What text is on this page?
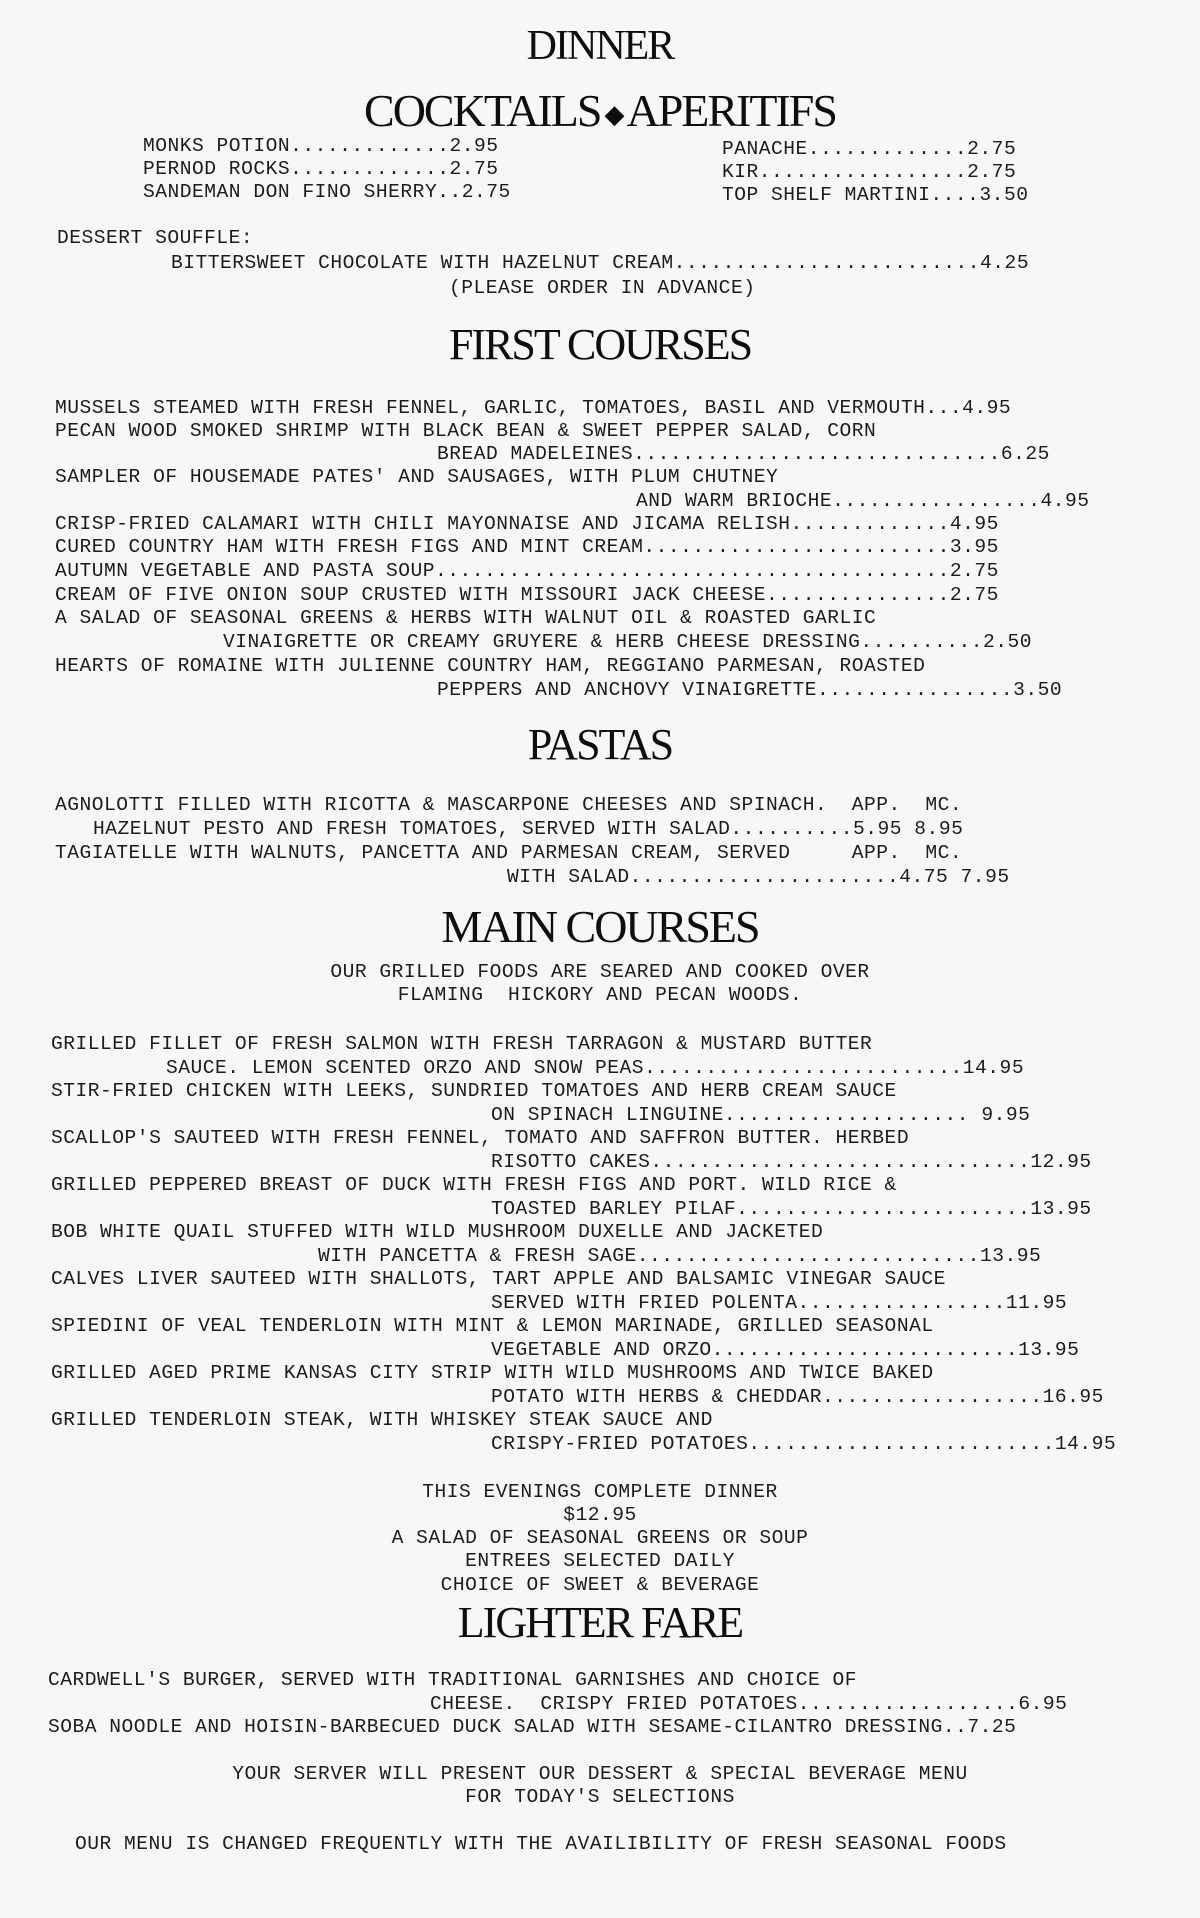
DINNER
COCKTAILS ◆APERITIFS
MONKS POTION.............2.95
PERNOD ROCKS.............2.75
SANDEMAN DON FINO SHERRY..2.75
PANACHE.............2.75
KIR.................2.75
TOP SHELF MARTINI....3.50
DESSERT SOUFFLE:
BITTERSWEET CHOCOLATE WITH HAZELNUT CREAM.........................4.25
(PLEASE ORDER IN ADVANCE)
FIRST COURSES
MUSSELS STEAMED WITH FRESH FENNEL, GARLIC, TOMATOES, BASIL AND VERMOUTH...4.95
PECAN WOOD SMOKED SHRIMP WITH BLACK BEAN & SWEET PEPPER SALAD, CORN
BREAD MADELEINES..............................6.25
SAMPLER OF HOUSEMADE PATES' AND SAUSAGES, WITH PLUM CHUTNEY
AND WARM BRIOCHE.................4.95
CRISP-FRIED CALAMARI WITH CHILI MAYONNAISE AND JICAMA RELISH.............4.95
CURED COUNTRY HAM WITH FRESH FIGS AND MINT CREAM.........................3.95
AUTUMN VEGETABLE AND PASTA SOUP..........................................2.75
CREAM OF FIVE ONION SOUP CRUSTED WITH MISSOURI JACK CHEESE...............2.75
A SALAD OF SEASONAL GREENS & HERBS WITH WALNUT OIL & ROASTED GARLIC
VINAIGRETTE OR CREAMY GRUYERE & HERB CHEESE DRESSING..........2.50
HEARTS OF ROMAINE WITH JULIENNE COUNTRY HAM, REGGIANO PARMESAN, ROASTED
PEPPERS AND ANCHOVY VINAIGRETTE................3.50
PASTAS
AGNOLOTTI FILLED WITH RICOTTA & MASCARPONE CHEESES AND SPINACH.  APP.  MC.
HAZELNUT PESTO AND FRESH TOMATOES, SERVED WITH SALAD..........5.95 8.95
TAGIATELLE WITH WALNUTS, PANCETTA AND PARMESAN CREAM, SERVED     APP.  MC.
WITH SALAD......................4.75 7.95
MAIN COURSES
OUR GRILLED FOODS ARE SEARED AND COOKED OVER
FLAMING  HICKORY AND PECAN WOODS.
GRILLED FILLET OF FRESH SALMON WITH FRESH TARRAGON & MUSTARD BUTTER
SAUCE. LEMON SCENTED ORZO AND SNOW PEAS..........................14.95
STIR-FRIED CHICKEN WITH LEEKS, SUNDRIED TOMATOES AND HERB CREAM SAUCE
ON SPINACH LINGUINE.................... 9.95
SCALLOP'S SAUTEED WITH FRESH FENNEL, TOMATO AND SAFFRON BUTTER. HERBED
RISOTTO CAKES...............................12.95
GRILLED PEPPERED BREAST OF DUCK WITH FRESH FIGS AND PORT. WILD RICE &
TOASTED BARLEY PILAF........................13.95
BOB WHITE QUAIL STUFFED WITH WILD MUSHROOM DUXELLE AND JACKETED
WITH PANCETTA & FRESH SAGE............................13.95
CALVES LIVER SAUTEED WITH SHALLOTS, TART APPLE AND BALSAMIC VINEGAR SAUCE
SERVED WITH FRIED POLENTA.................11.95
SPIEDINI OF VEAL TENDERLOIN WITH MINT & LEMON MARINADE, GRILLED SEASONAL
VEGETABLE AND ORZO.........................13.95
GRILLED AGED PRIME KANSAS CITY STRIP WITH WILD MUSHROOMS AND TWICE BAKED
POTATO WITH HERBS & CHEDDAR..................16.95
GRILLED TENDERLOIN STEAK, WITH WHISKEY STEAK SAUCE AND
CRISPY-FRIED POTATOES.........................14.95
THIS EVENINGS COMPLETE DINNER
$12.95
A SALAD OF SEASONAL GREENS OR SOUP
ENTREES SELECTED DAILY
CHOICE OF SWEET & BEVERAGE
LIGHTER FARE
CARDWELL'S BURGER, SERVED WITH TRADITIONAL GARNISHES AND CHOICE OF
CHEESE.  CRISPY FRIED POTATOES..................6.95
SOBA NOODLE AND HOISIN-BARBECUED DUCK SALAD WITH SESAME-CILANTRO DRESSING..7.25
YOUR SERVER WILL PRESENT OUR DESSERT & SPECIAL BEVERAGE MENU
FOR TODAY'S SELECTIONS
OUR MENU IS CHANGED FREQUENTLY WITH THE AVAILIBILITY OF FRESH SEASONAL FOODS
